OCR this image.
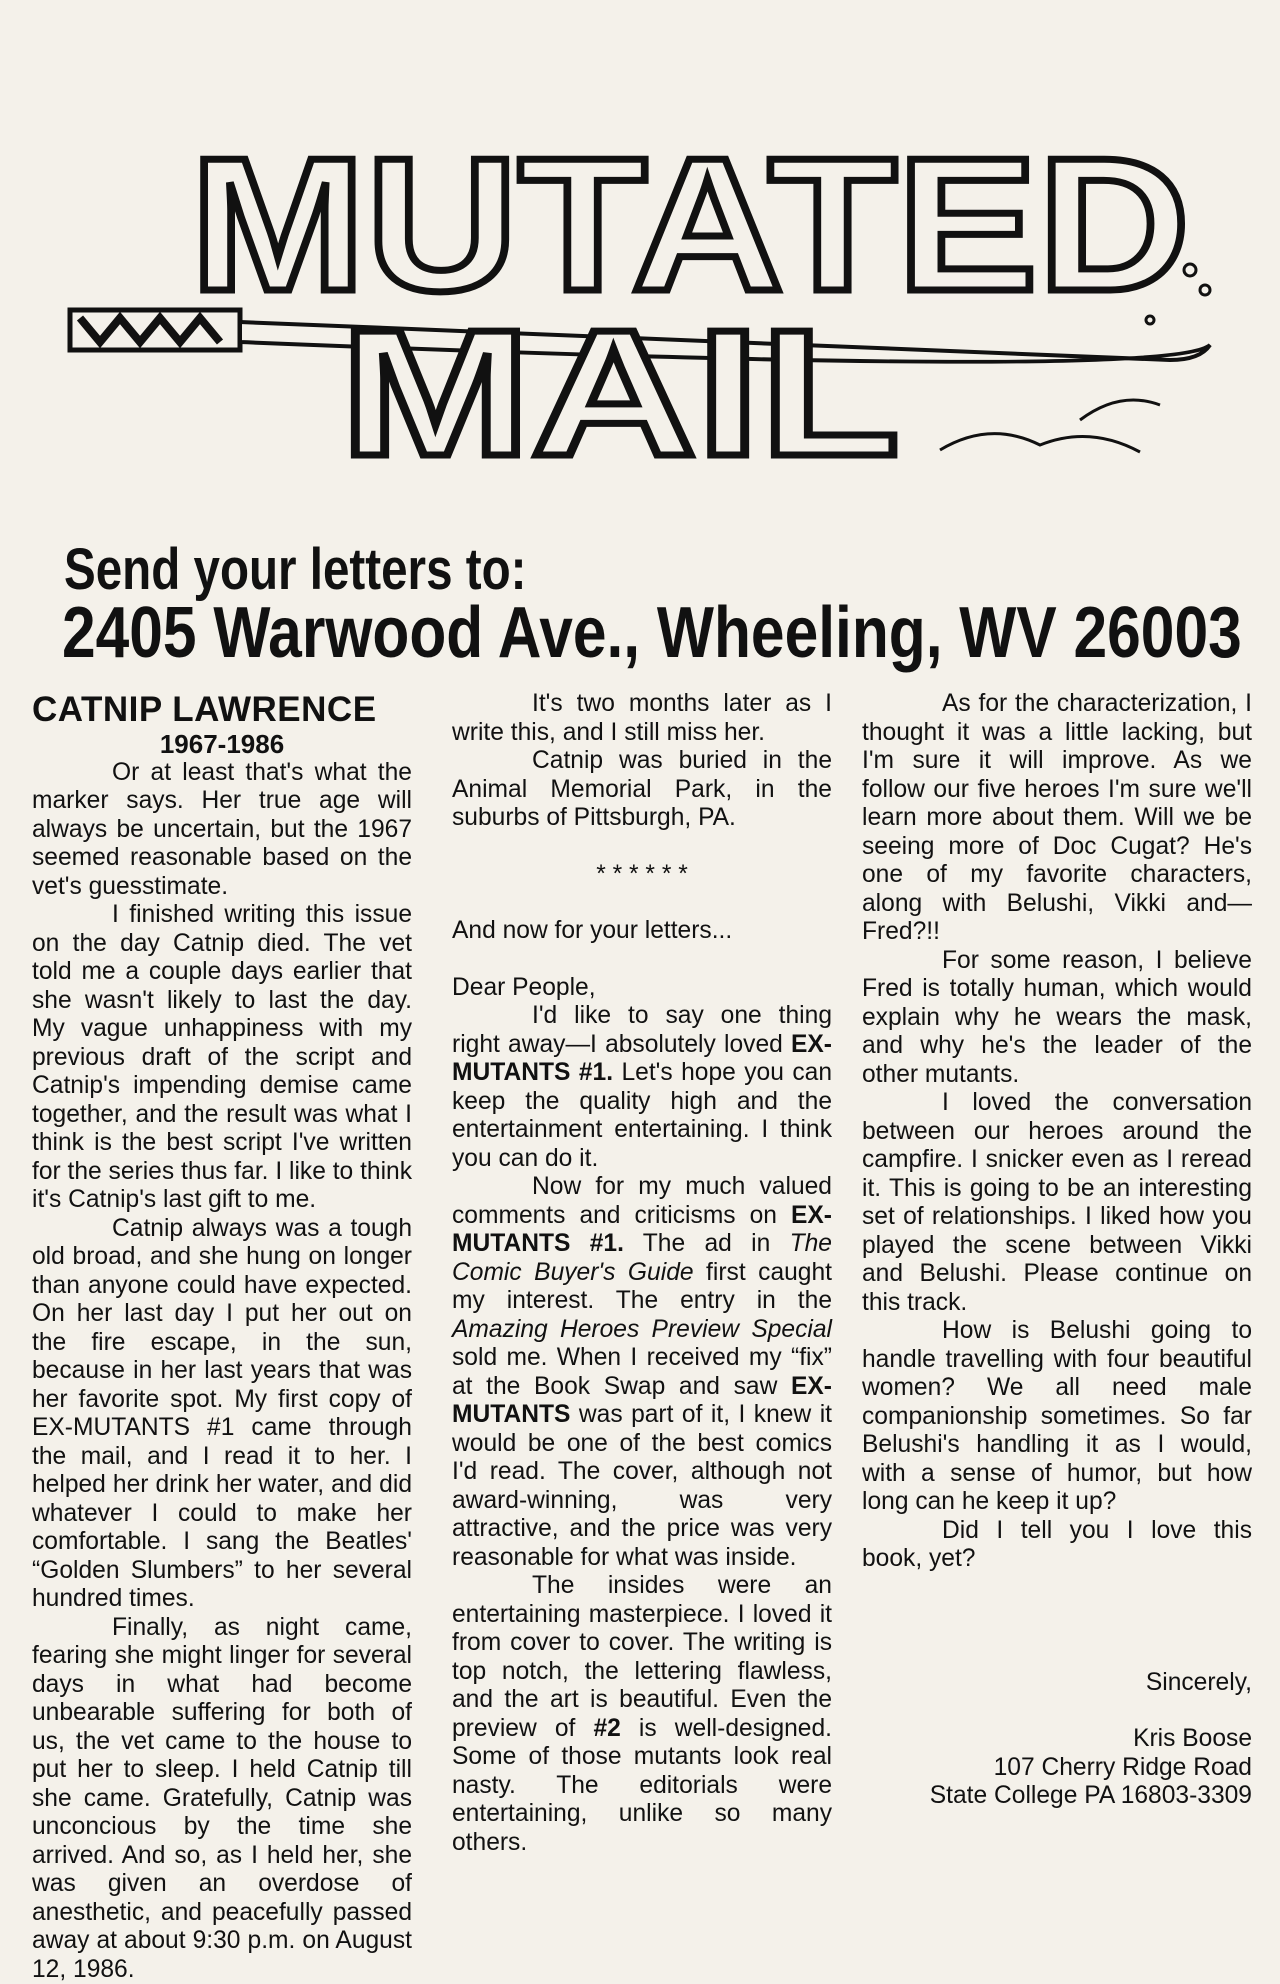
MUTATED
MAIL
Send your letters to:
2405 Warwood Ave., Wheeling, WV 26003

CATNIP LAWRENCE

1967-1986

Or at least that's what the marker says. Her true age will always be uncertain, but the 1967 seemed reasonable based on the vet's guesstimate.

I finished writing this issue on the day Catnip died. The vet told me a couple days earlier that she wasn't likely to last the day. My vague unhappiness with my previous draft of the script and Catnip's impending demise came together, and the result was what I think is the best script I've written for the series thus far. I like to think it's Catnip's last gift to me.

Catnip always was a tough old broad, and she hung on longer than anyone could have expected. On her last day I put her out on the fire escape, in the sun, because in her last years that was her favorite spot. My first copy of EX-MUTANTS #1 came through the mail, and I read it to her. I helped her drink her water, and did whatever I could to make her comfortable. I sang the Beatles' “Golden Slumbers” to her several hundred times.

Finally, as night came, fearing she might linger for several days in what had become unbearable suffering for both of us, the vet came to the house to put her to sleep. I held Catnip till she came. Gratefully, Catnip was unconcious by the time she arrived. And so, as I held her, she was given an overdose of anesthetic, and peacefully passed away at about 9:30 p.m. on August 12, 1986.

As for the characterization, I thought it was a little lacking, but I'm sure it will improve. As we follow our five heroes I'm sure we'll learn more about them. Will we be seeing more of Doc Cugat? He's one of my favorite characters, along with Belushi, Vikki and—Fred?!!

For some reason, I believe Fred is totally human, which would explain why he wears the mask, and why he's the leader of the other mutants.

I loved the conversation between our heroes around the campfire. I snicker even as I reread it. This is going to be an interesting set of relationships. I liked how you played the scene between Vikki and Belushi. Please continue on this track.

How is Belushi going to handle travelling with four beautiful women? We all need male companionship sometimes. So far Belushi's handling it as I would, with a sense of humor, but how long can he keep it up?

Did I tell you I love this book, yet?

Sincerely,

Kris Boose

107 Cherry Ridge Road

State College PA 16803-3309

It's two months later as I write this, and I still miss her.

Catnip was buried in the Animal Memorial Park, in the suburbs of Pittsburgh, PA.

* * * * * *

And now for your letters...

Dear People,

I'd like to say one thing right away—I absolutely loved EX-MUTANTS #1. Let's hope you can keep the quality high and the entertainment entertaining. I think you can do it.

Now for my much valued comments and criticisms on EX-MUTANTS #1. The ad in The Comic Buyer's Guide first caught my interest. The entry in the Amazing Heroes Preview Special sold me. When I received my “fix” at the Book Swap and saw EX-MUTANTS was part of it, I knew it would be one of the best comics I'd read. The cover, although not award-winning, was very attractive, and the price was very reasonable for what was inside.

The insides were an entertaining masterpiece. I loved it from cover to cover. The writing is top notch, the lettering flawless, and the art is beautiful. Even the preview of #2 is well-designed. Some of those mutants look real nasty. The editorials were entertaining, unlike so many others.
